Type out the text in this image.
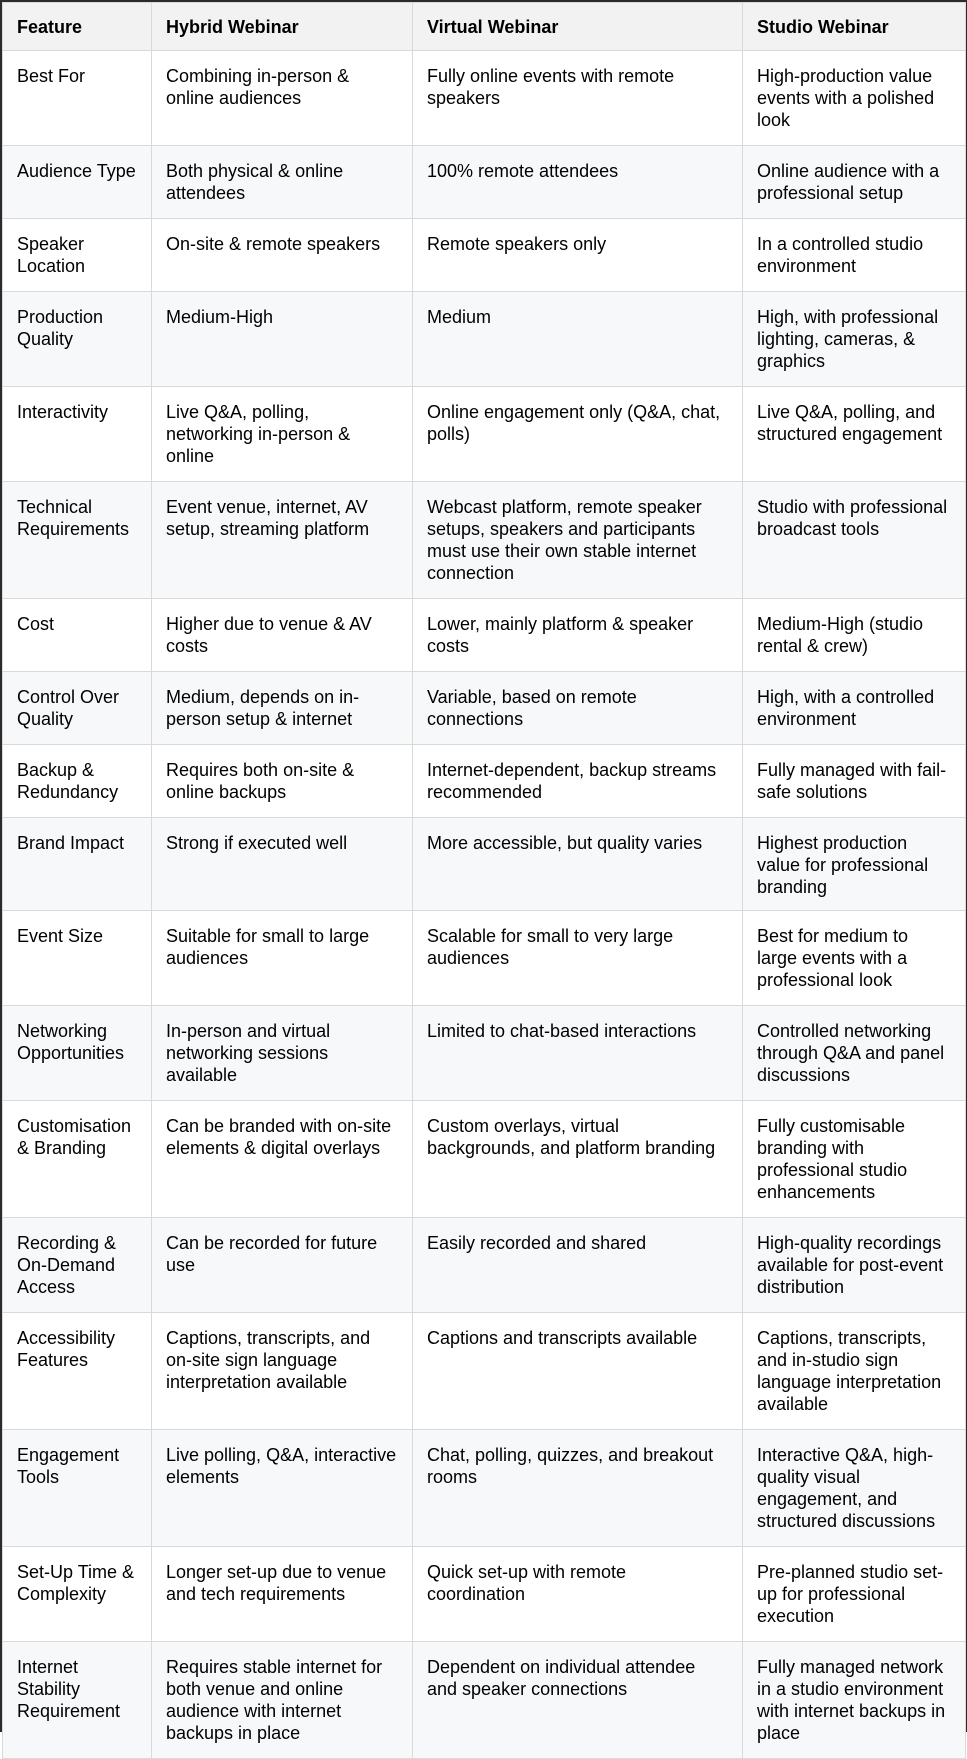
Feature	Hybrid Webinar	Virtual Webinar	Studio Webinar
Best For	Combining in-person & online audiences	Fully online events with remote speakers	High-production value events with a polished look
Audience Type	Both physical & online attendees	100% remote attendees	Online audience with a professional setup
Speaker Location	On-site & remote speakers	Remote speakers only	In a controlled studio environment
Production Quality	Medium-High	Medium	High, with professional lighting, cameras, & graphics
Interactivity	Live Q&A, polling, networking in-person & online	Online engagement only (Q&A, chat, polls)	Live Q&A, polling, and structured engagement
Technical Requirements	Event venue, internet, AV setup, streaming platform	Webcast platform, remote speaker setups, speakers and participants must use their own stable internet connection	Studio with professional broadcast tools
Cost	Higher due to venue & AV costs	Lower, mainly platform & speaker costs	Medium-High (studio rental & crew)
Control Over Quality	Medium, depends on in-person setup & internet	Variable, based on remote connections	High, with a controlled environment
Backup & Redundancy	Requires both on-site & online backups	Internet-dependent, backup streams recommended	Fully managed with fail-safe solutions
Brand Impact	Strong if executed well	More accessible, but quality varies	Highest production value for professional branding
Event Size	Suitable for small to large audiences	Scalable for small to very large audiences	Best for medium to large events with a professional look
Networking Opportunities	In-person and virtual networking sessions available	Limited to chat-based interactions	Controlled networking through Q&A and panel discussions
Customisation & Branding	Can be branded with on-site elements & digital overlays	Custom overlays, virtual backgrounds, and platform branding	Fully customisable branding with professional studio enhancements
Recording & On-Demand Access	Can be recorded for future use	Easily recorded and shared	High-quality recordings available for post-event distribution
Accessibility Features	Captions, transcripts, and on-site sign language interpretation available	Captions and transcripts available	Captions, transcripts, and in-studio sign language interpretation available
Engagement Tools	Live polling, Q&A, interactive elements	Chat, polling, quizzes, and breakout rooms	Interactive Q&A, high-quality visual engagement, and structured discussions
Set-Up Time & Complexity	Longer set-up due to venue and tech requirements	Quick set-up with remote coordination	Pre-planned studio set-up for professional execution
Internet Stability Requirement	Requires stable internet for both venue and online audience with internet backups in place	Dependent on individual attendee and speaker connections	Fully managed network in a studio environment with internet backups in place
